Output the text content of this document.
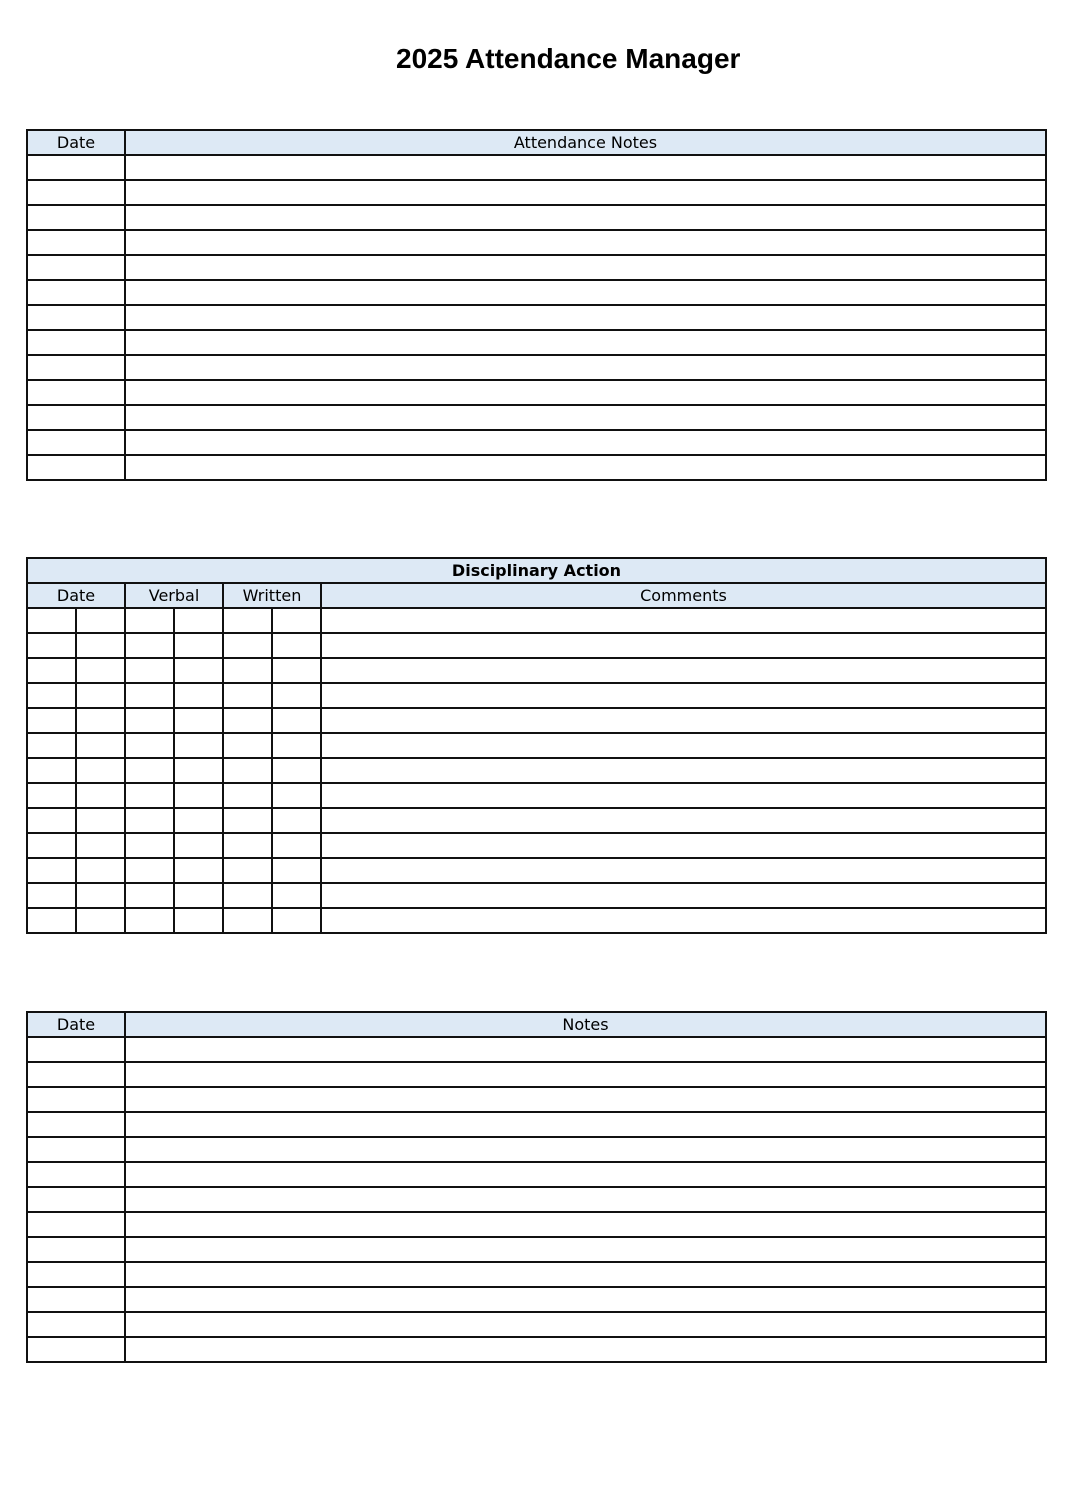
2025 Attendance Manager
Date	Attendance Notes

Disciplinary Action						
Date		Verbal		Written		Comments

Date	Notes
